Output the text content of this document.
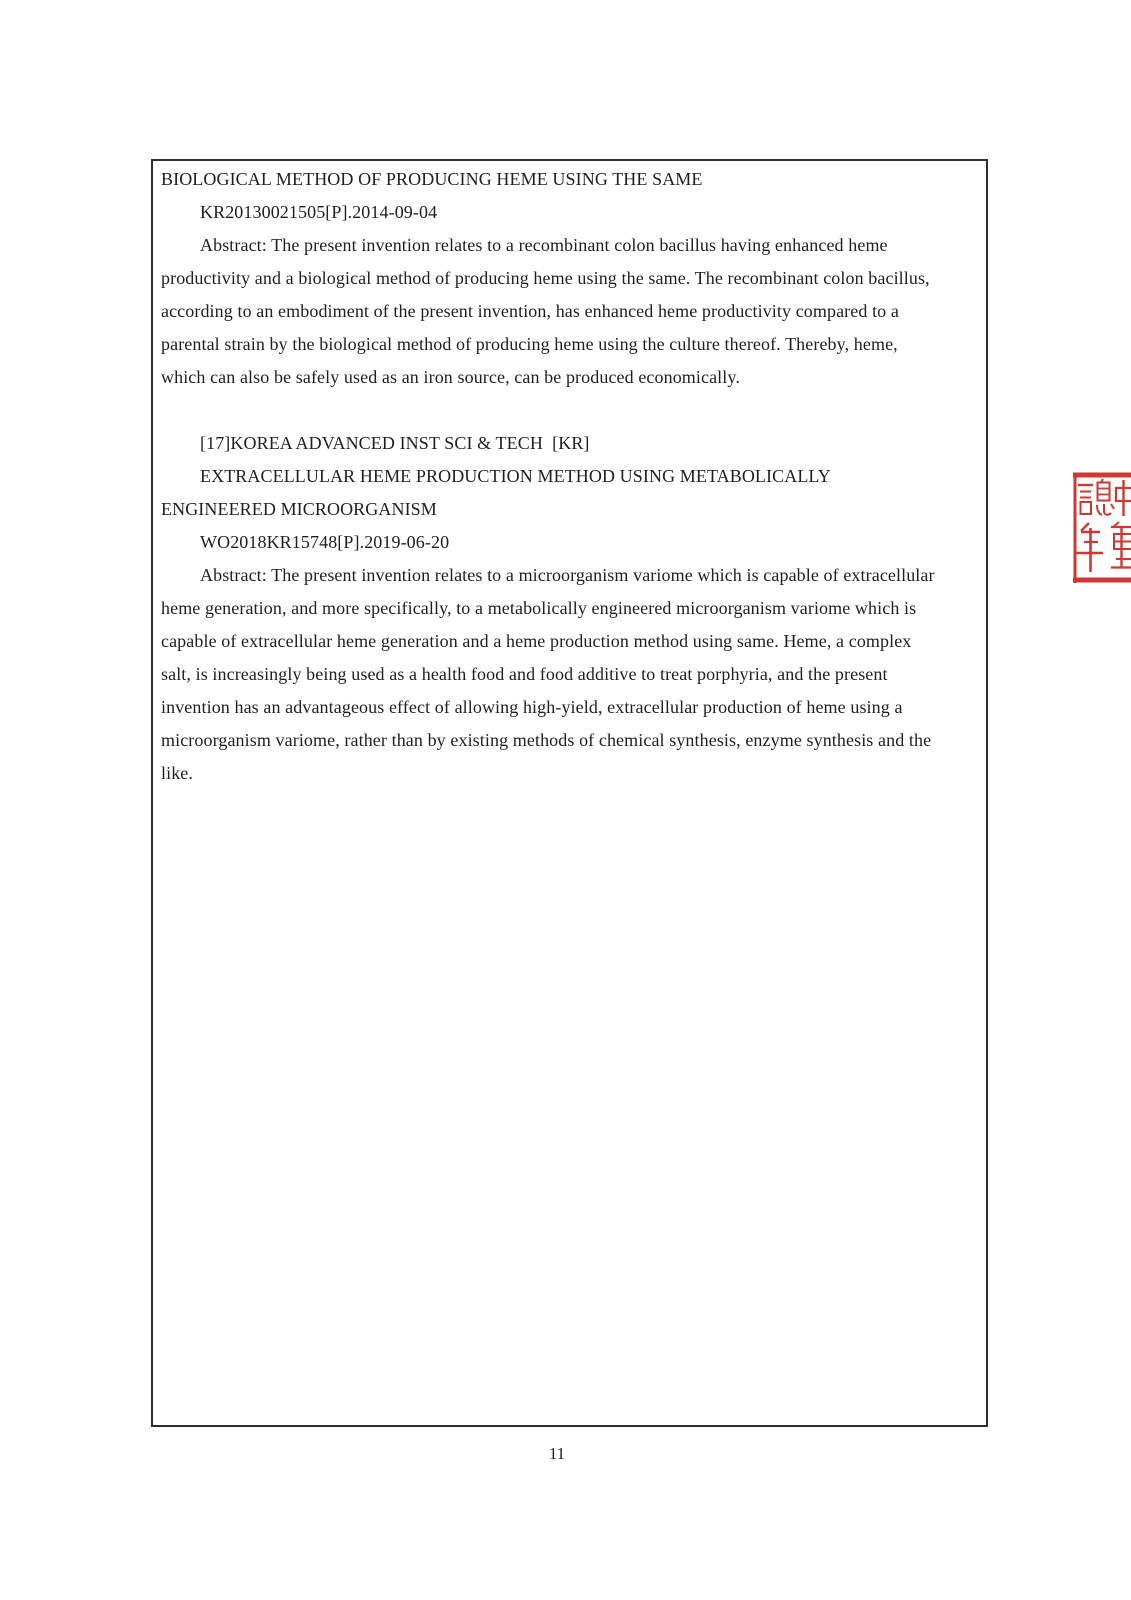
BIOLOGICAL METHOD OF PRODUCING HEME USING THE SAME
KR20130021505[P].2014-09-04
Abstract: The present invention relates to a recombinant colon bacillus having enhanced heme
productivity and a biological method of producing heme using the same. The recombinant colon bacillus,
according to an embodiment of the present invention, has enhanced heme productivity compared to a
parental strain by the biological method of producing heme using the culture thereof. Thereby, heme,
which can also be safely used as an iron source, can be produced economically.
[17]KOREA ADVANCED INST SCI & TECH  [KR]
EXTRACELLULAR HEME PRODUCTION METHOD USING METABOLICALLY
ENGINEERED MICROORGANISM
WO2018KR15748[P].2019-06-20
Abstract: The present invention relates to a microorganism variome which is capable of extracellular
heme generation, and more specifically, to a metabolically engineered microorganism variome which is
capable of extracellular heme generation and a heme production method using same. Heme, a complex
salt, is increasingly being used as a health food and food additive to treat porphyria, and the present
invention has an advantageous effect of allowing high-yield, extracellular production of heme using a
microorganism variome, rather than by existing methods of chemical synthesis, enzyme synthesis and the
like.
11
